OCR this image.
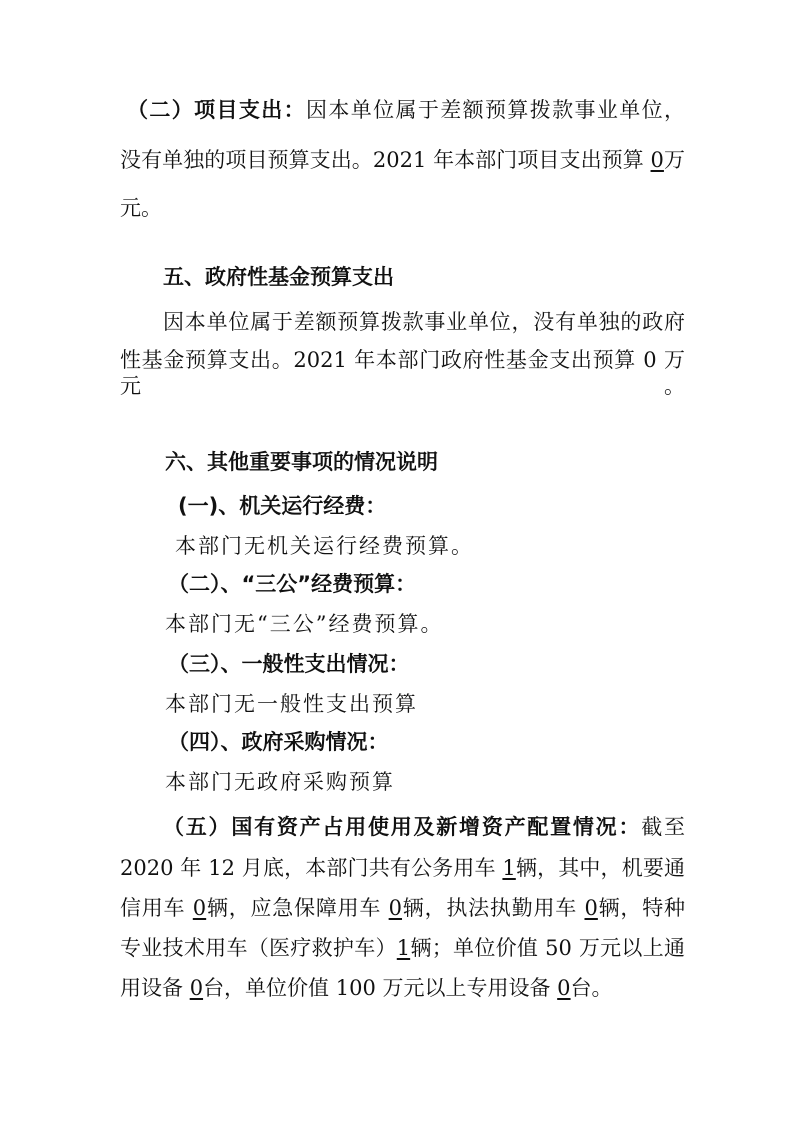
（二）项目支出：因本单位属于差额预算拨款事业单位，
没有单独的项目预算支出。2021 年本部门项目支出预算 0万
元。
五、政府性基金预算支出
因本单位属于差额预算拨款事业单位，没有单独的政府
性基金预算支出。2021 年本部门政府性基金支出预算 0 万元。
六、其他重要事项的情况说明
(一)、机关运行经费：
本部门无机关运行经费预算。
（二）、“三公”经费预算：
本部门无“三公”经费预算。
（三）、一般性支出情况：
本部门无一般性支出预算
（四）、政府采购情况：
本部门无政府采购预算
（五）国有资产占用使用及新增资产配置情况：截至
2020 年 12 月底，本部门共有公务用车 1辆，其中，机要通
信用车 0辆，应急保障用车 0辆，执法执勤用车 0辆，特种
专业技术用车（医疗救护车）1辆；单位价值 50 万元以上通
用设备 0台，单位价值 100 万元以上专用设备 0台。
